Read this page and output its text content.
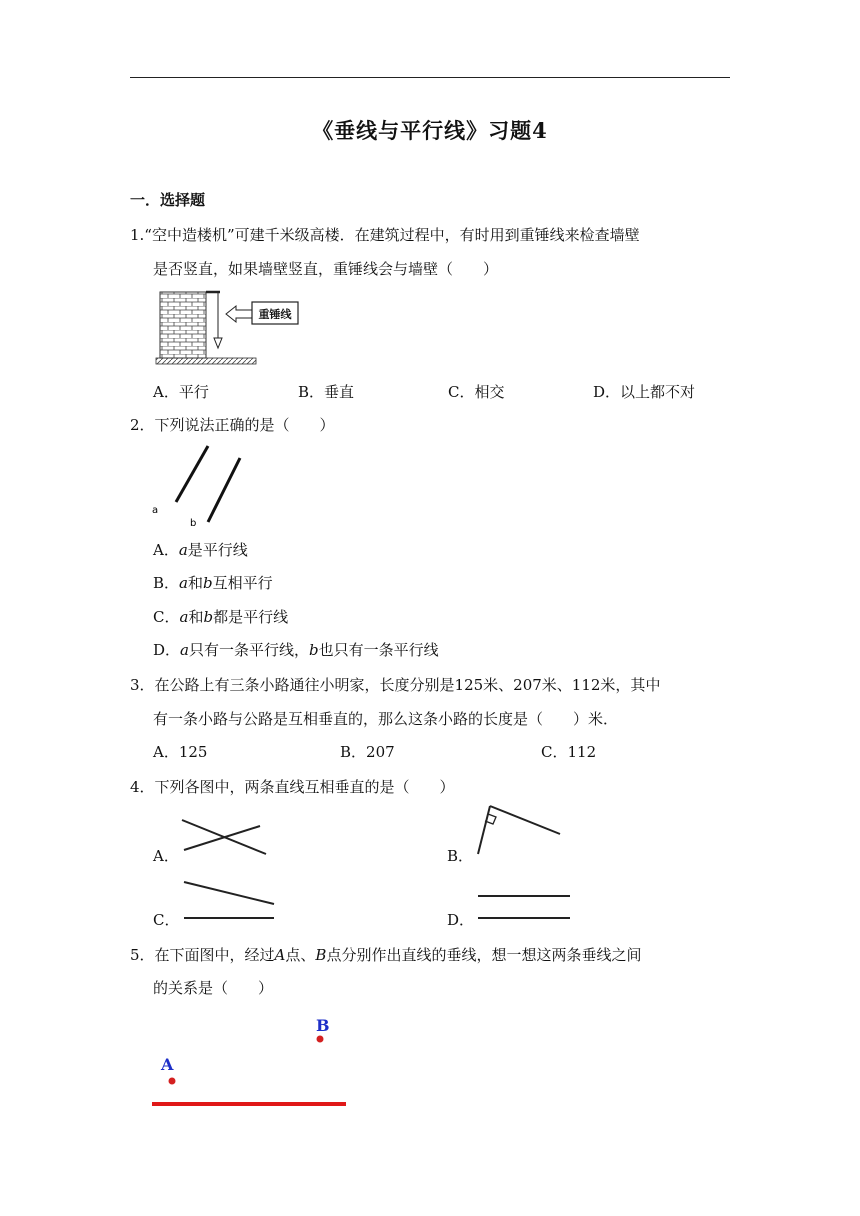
《垂线与平行线》习题4
一．选择题
1.“空中造楼机”可建千米级高楼．在建筑过程中，有时用到重锤线来检查墙壁
是否竖直，如果墙壁竖直，重锤线会与墙壁（　　）
重锤线
A．平行	B．垂直	C．相交	D．以上都不对
2．下列说法正确的是（　　）
a
b
A．a是平行线
B．a和b互相平行
C．a和b都是平行线
D．a只有一条平行线，b也只有一条平行线
3．在公路上有三条小路通往小明家，长度分别是125米、207米、112米，其中
有一条小路与公路是互相垂直的，那么这条小路的长度是（　　）米．
A．125	B．207	C．112
4．下列各图中，两条直线互相垂直的是（　　）
A．	B．
C．	D．
5．在下面图中，经过A点、B点分别作出直线的垂线，想一想这两条垂线之间
的关系是（　　）
B
A
